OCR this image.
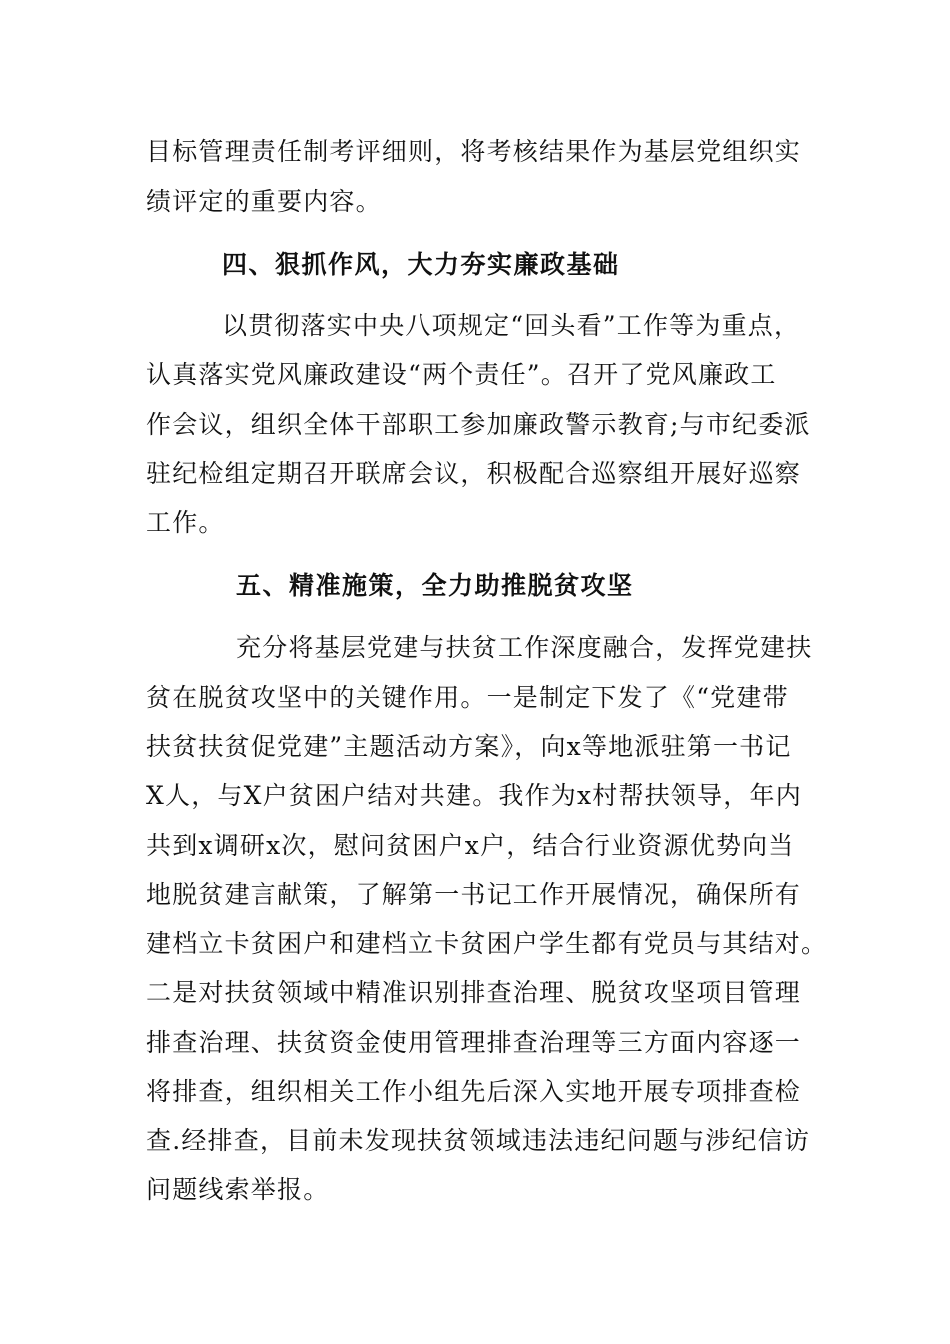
目标管理责任制考评细则，将考核结果作为基层党组织实
绩评定的重要内容。
四、狠抓作风，大力夯实廉政基础
以贯彻落实中央八项规定“回头看”工作等为重点，
认真落实党风廉政建设“两个责任”。召开了党风廉政工
作会议，组织全体干部职工参加廉政警示教育;与市纪委派
驻纪检组定期召开联席会议，积极配合巡察组开展好巡察
工作。
五、精准施策，全力助推脱贫攻坚
充分将基层党建与扶贫工作深度融合，发挥党建扶
贫在脱贫攻坚中的关键作用。一是制定下发了《“党建带
扶贫扶贫促党建”主题活动方案》，向x等地派驻第一书记
X人，与X户贫困户结对共建。我作为x村帮扶领导，年内
共到x调研x次，慰问贫困户x户，结合行业资源优势向当
地脱贫建言献策，了解第一书记工作开展情况，确保所有
建档立卡贫困户和建档立卡贫困户学生都有党员与其结对。
二是对扶贫领域中精准识别排查治理、脱贫攻坚项目管理
排查治理、扶贫资金使用管理排查治理等三方面内容逐一
将排查，组织相关工作小组先后深入实地开展专项排查检
查.经排查，目前未发现扶贫领域违法违纪问题与涉纪信访
问题线索举报。
